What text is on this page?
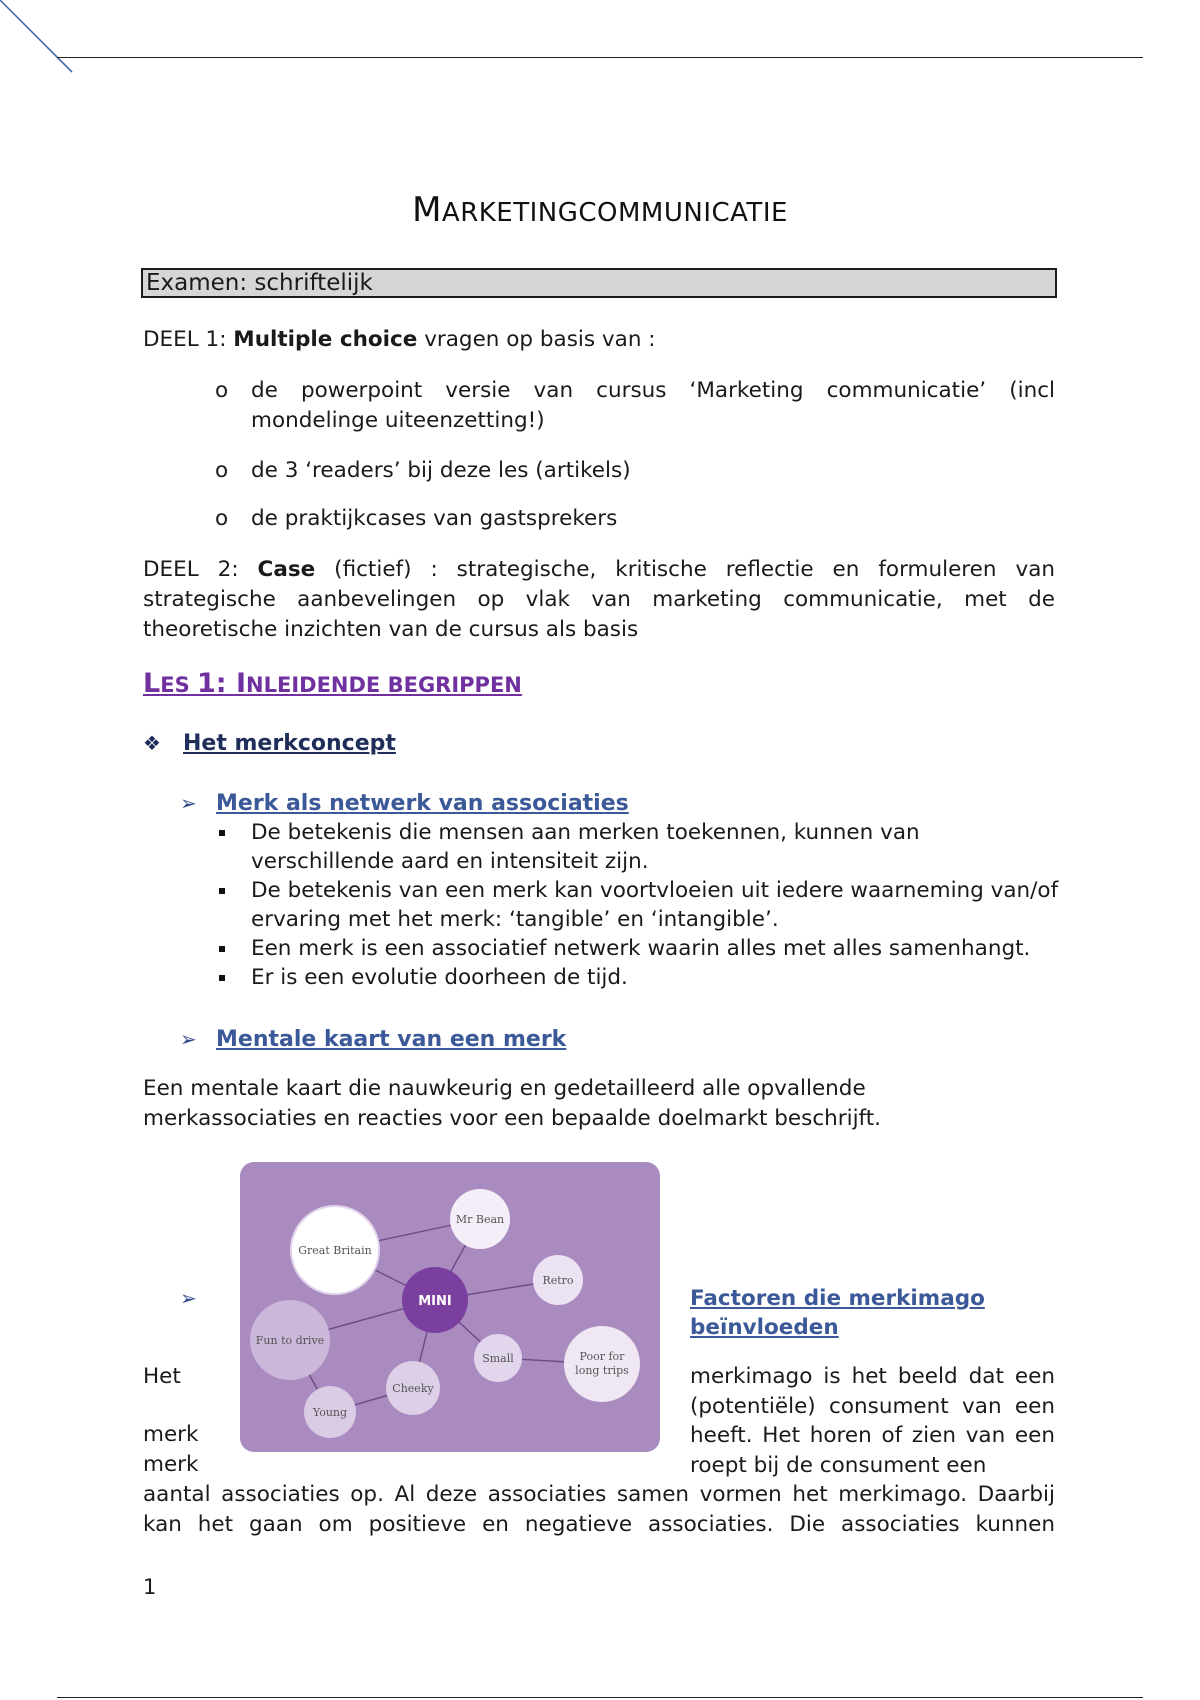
MARKETINGCOMMUNICATIE
Examen: schriftelijk
DEEL 1: Multiple choice vragen op basis van :
o de powerpoint versie van cursus ‘Marketing communicatie’ (incl mondelinge uiteenzetting!)
o de 3 ‘readers’ bij deze les (artikels)
o de praktijkcases van gastsprekers
DEEL 2: Case (fictief) : strategische, kritische reflectie en formuleren van strategische aanbevelingen op vlak van marketing communicatie, met de theoretische inzichten van de cursus als basis
LES 1: INLEIDENDE BEGRIPPEN
❖ Het merkconcept
➢ Merk als netwerk van associaties
De betekenis die mensen aan merken toekennen, kunnen van verschillende aard en intensiteit zijn.
De betekenis van een merk kan voortvloeien uit iedere waarneming van/of ervaring met het merk: ‘tangible’ en ‘intangible’.
Een merk is een associatief netwerk waarin alles met alles samenhangt.
Er is een evolutie doorheen de tijd.
➢ Mentale kaart van een merk
Een mentale kaart die nauwkeurig en gedetailleerd alle opvallende merkassociaties en reacties voor een bepaalde doelmarkt beschrijft.
Great Britain
Mr Bean
Retro
Fun to drive
Small	Poor for
long trips
Cheeky
Young
MINI
➢	Factoren die merkimago beïnvloeden
Het
merk
merk
merkimago is het beeld dat een (potentiële) consument van een heeft. Het horen of zien van een roept bij de consument een
aantal associaties op. Al deze associaties samen vormen het merkimago. Daarbij kan het gaan om positieve en negatieve associaties. Die associaties kunnen
1
